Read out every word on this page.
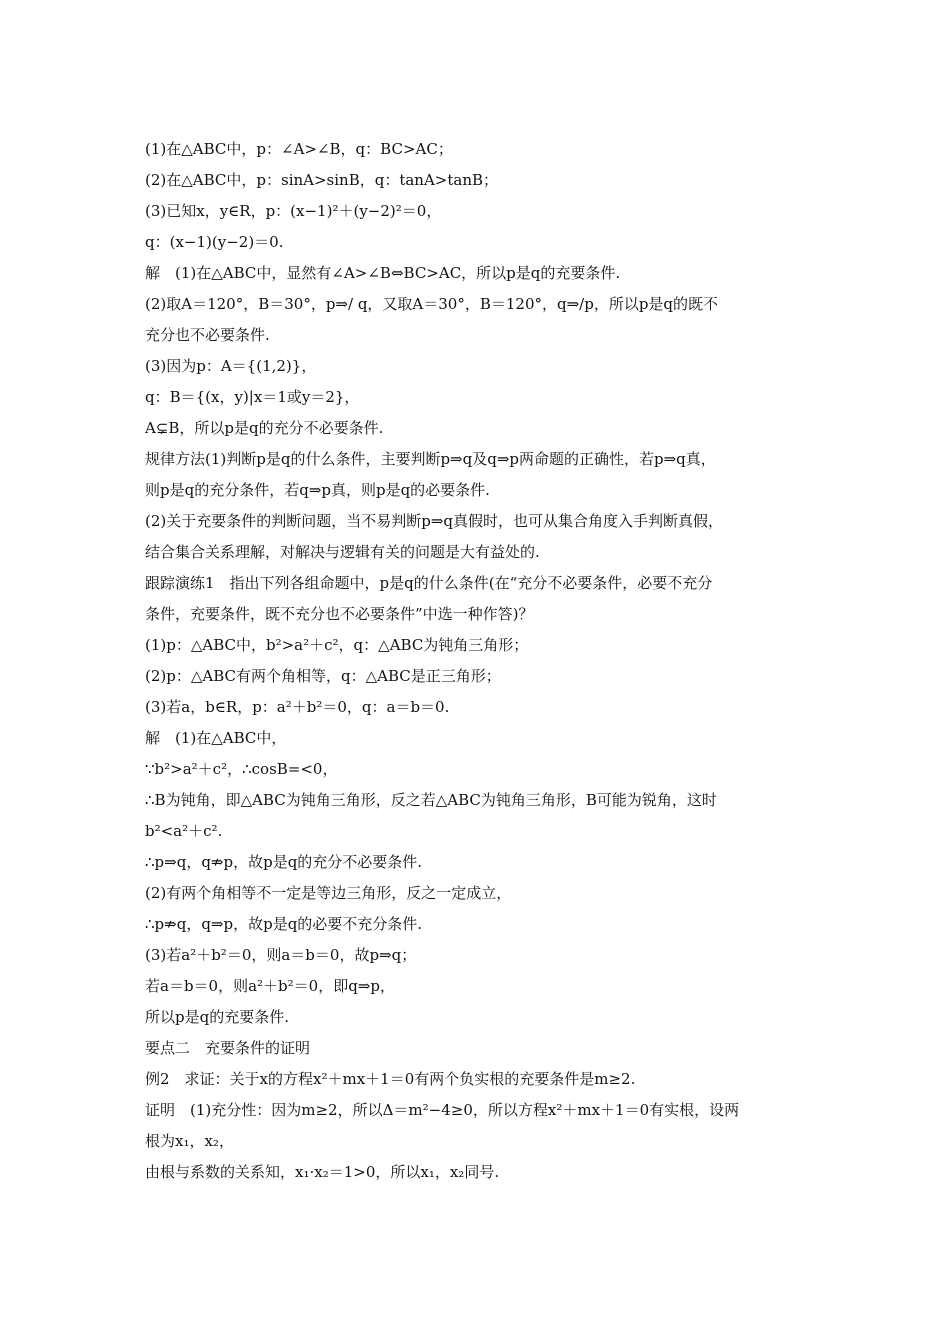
(1)在△ABC中，p：∠A>∠B，q：BC>AC；
(2)在△ABC中，p：sinA>sinB，q：tanA>tanB；
(3)已知x，y∈R，p：(x−1)²＋(y−2)²＝0，
q：(x−1)(y−2)＝0.
解　(1)在△ABC中，显然有∠A>∠B⇔BC>AC，所以p是q的充要条件.
(2)取A＝120°，B＝30°，p⇒/ q，又取A＝30°，B＝120°，q⇒/p，所以p是q的既不
充分也不必要条件.
(3)因为p：A＝{(1,2)}，
q：B＝{(x，y)|x＝1或y＝2}，
A⊊B，所以p是q的充分不必要条件.
规律方法(1)判断p是q的什么条件，主要判断p⇒q及q⇒p两命题的正确性，若p⇒q真，
则p是q的充分条件，若q⇒p真，则p是q的必要条件.
(2)关于充要条件的判断问题，当不易判断p⇒q真假时，也可从集合角度入手判断真假，
结合集合关系理解，对解决与逻辑有关的问题是大有益处的.
跟踪演练1　指出下列各组命题中，p是q的什么条件(在“充分不必要条件，必要不充分
条件，充要条件，既不充分也不必要条件”中选一种作答)？
(1)p：△ABC中，b²>a²＋c²，q：△ABC为钝角三角形；
(2)p：△ABC有两个角相等，q：△ABC是正三角形；
(3)若a，b∈R，p：a²＋b²＝0，q：a＝b＝0.
解　(1)在△ABC中，
∵b²>a²＋c²，∴cosB=<0，
∴B为钝角，即△ABC为钝角三角形，反之若△ABC为钝角三角形，B可能为锐角，这时
b²<a²＋c².
∴p⇒q，q⇏p，故p是q的充分不必要条件.
(2)有两个角相等不一定是等边三角形，反之一定成立，
∴p⇏q，q⇒p，故p是q的必要不充分条件.
(3)若a²＋b²＝0，则a＝b＝0，故p⇒q；
若a＝b＝0，则a²＋b²＝0，即q⇒p，
所以p是q的充要条件.
要点二　充要条件的证明
例2　求证：关于x的方程x²＋mx＋1＝0有两个负实根的充要条件是m≥2.
证明　(1)充分性：因为m≥2，所以Δ＝m²−4≥0，所以方程x²＋mx＋1＝0有实根，设两
根为x₁，x₂，
由根与系数的关系知，x₁·x₂＝1>0，所以x₁，x₂同号.
